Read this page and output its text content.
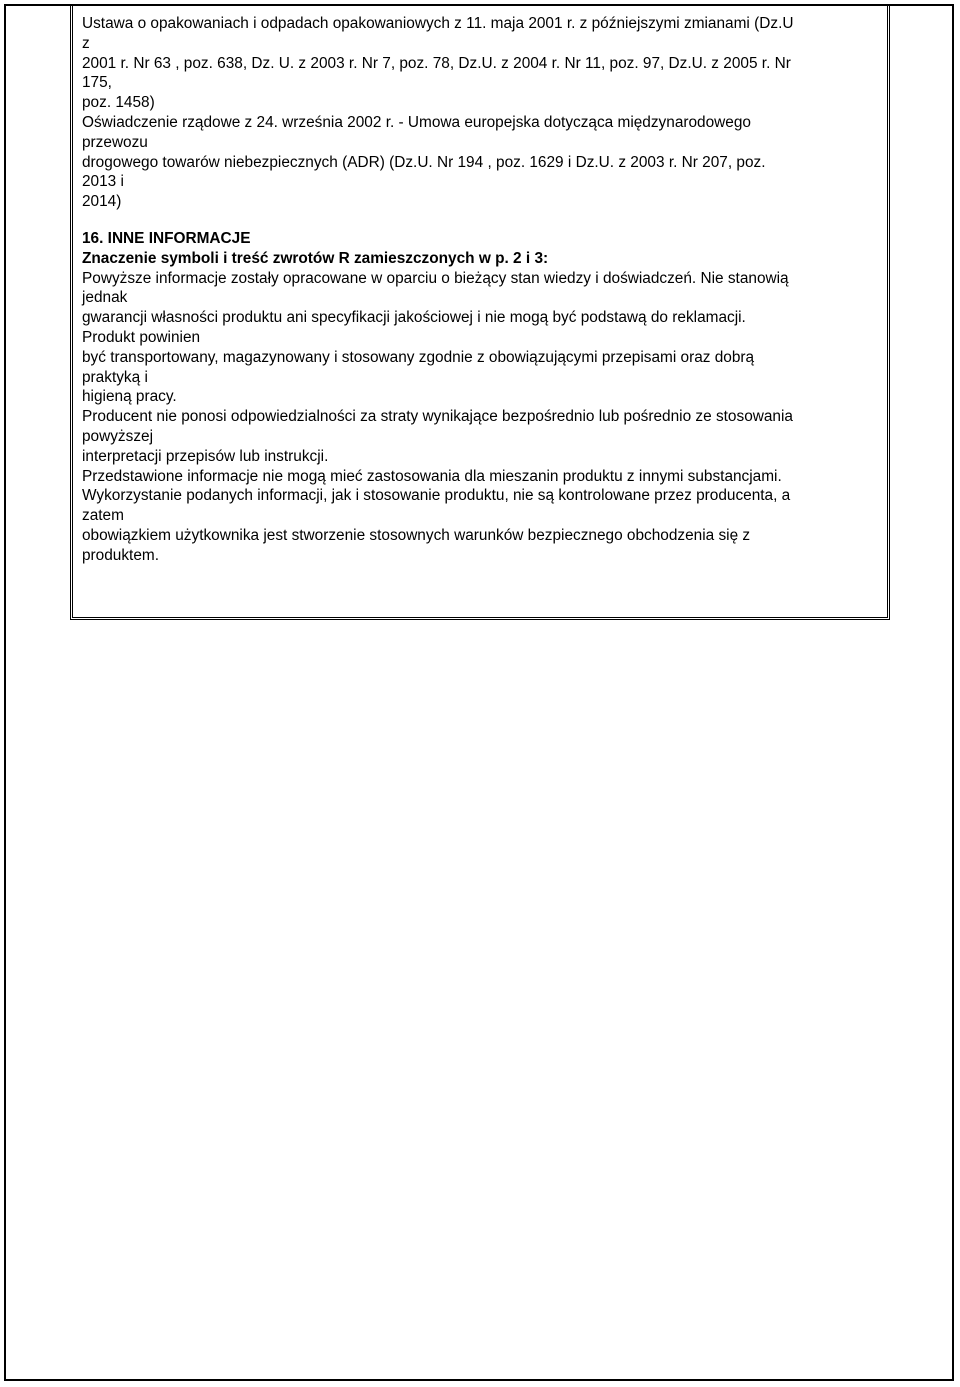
Ustawa o opakowaniach i odpadach opakowaniowych z 11. maja 2001 r. z późniejszymi zmianami (Dz.U
z
2001 r. Nr 63 , poz. 638, Dz. U. z 2003 r. Nr 7, poz. 78, Dz.U. z 2004 r. Nr 11, poz. 97, Dz.U. z 2005 r. Nr
175,
poz. 1458)
Oświadczenie rządowe z 24. września 2002 r. - Umowa europejska dotycząca międzynarodowego
przewozu
drogowego towarów niebezpiecznych (ADR) (Dz.U. Nr 194 , poz. 1629 i Dz.U. z 2003 r. Nr 207, poz.
2013 i
2014)
16. INNE INFORMACJE
Znaczenie symboli i treść zwrotów R zamieszczonych w p. 2 i 3:
Powyższe informacje zostały opracowane w oparciu o bieżący stan wiedzy i doświadczeń. Nie stanowią
jednak
gwarancji własności produktu ani specyfikacji jakościowej i nie mogą być podstawą do reklamacji.
Produkt powinien
być transportowany, magazynowany i stosowany zgodnie z obowiązującymi przepisami oraz dobrą
praktyką i
higieną pracy.
Producent nie ponosi odpowiedzialności za straty wynikające bezpośrednio lub pośrednio ze stosowania
powyższej
interpretacji przepisów lub instrukcji.
Przedstawione informacje nie mogą mieć zastosowania dla mieszanin produktu z innymi substancjami.
Wykorzystanie podanych informacji, jak i stosowanie produktu, nie są kontrolowane przez producenta, a
zatem
obowiązkiem użytkownika jest stworzenie stosownych warunków bezpiecznego obchodzenia się z
produktem.
